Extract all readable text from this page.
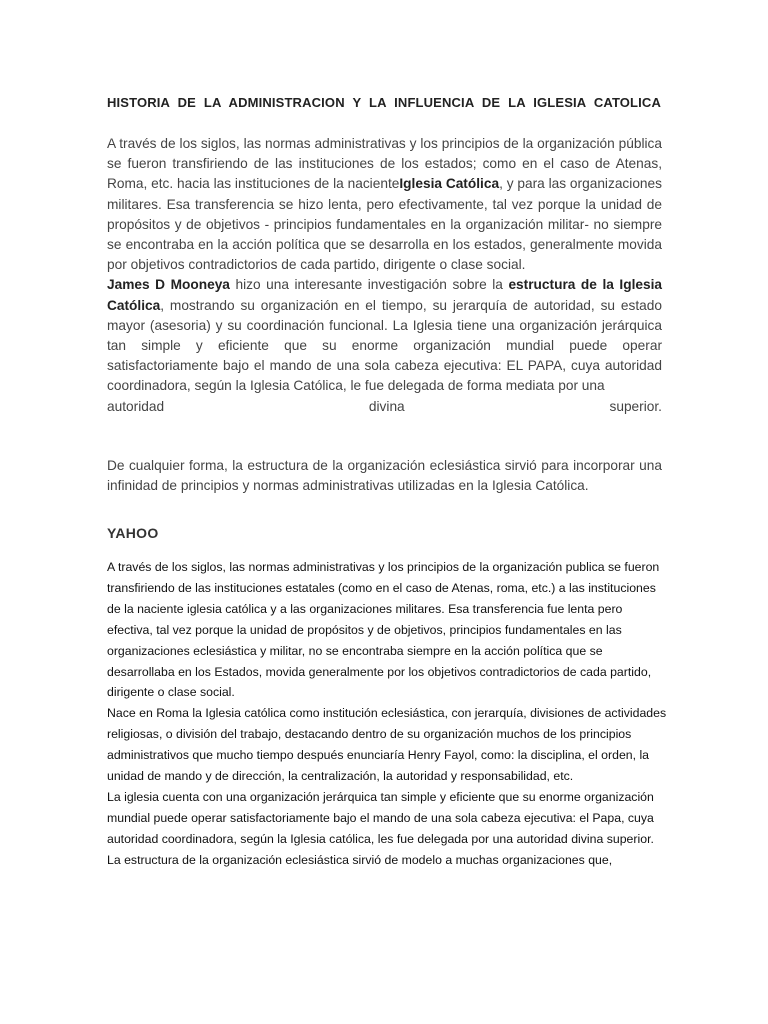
HISTORIA DE LA ADMINISTRACION Y LA INFLUENCIA DE LA IGLESIA CATOLICA

A través de los siglos, las normas administrativas y los principios de la organización pública se fueron transfiriendo de las instituciones de los estados; como en el caso de Atenas, Roma, etc. hacia las instituciones de la nacienteIglesia Católica, y para las organizaciones militares. Esa transferencia se hizo lenta, pero efectivamente, tal vez porque la unidad de propósitos y de objetivos - principios fundamentales en la organización militar- no siempre se encontraba en la acción política que se desarrolla en los estados, generalmente movida por objetivos contradictorios de cada partido, dirigente o clase social.
James D Mooneya hizo una interesante investigación sobre la estructura de la Iglesia Católica, mostrando su organización en el tiempo, su jerarquía de autoridad, su estado mayor (asesoria) y su coordinación funcional. La Iglesia tiene una organización jerárquica tan simple y eficiente que su enorme organización mundial puede operar satisfactoriamente bajo el mando de una sola cabeza ejecutiva: EL PAPA, cuya autoridad coordinadora, según la Iglesia Católica, le fue delegada de forma mediata por una
autoridad divina superior.

De cualquier forma, la estructura de la organización eclesiástica sirvió para incorporar una infinidad de principios y normas administrativas utilizadas en la Iglesia Católica.

YAHOO

A través de los siglos, las normas administrativas y los principios de la organización publica se fueron transfiriendo de las instituciones estatales (como en el caso de Atenas, roma, etc.) a las instituciones de la naciente iglesia católica y a las organizaciones militares. Esa transferencia fue lenta pero efectiva, tal vez porque la unidad de propósitos y de objetivos, principios fundamentales en las organizaciones eclesiástica y militar, no se encontraba siempre en la acción política que se desarrollaba en los Estados, movida generalmente por los objetivos contradictorios de cada partido, dirigente o clase social.
Nace en Roma la Iglesia católica como institución eclesiástica, con jerarquía, divisiones de actividades religiosas, o división del trabajo, destacando dentro de su organización muchos de los principios administrativos que mucho tiempo después enunciaría Henry Fayol, como: la disciplina, el orden, la unidad de mando y de dirección, la centralización, la autoridad y responsabilidad, etc.
La iglesia cuenta con una organización jerárquica tan simple y eficiente que su enorme organización mundial puede operar satisfactoriamente bajo el mando de una sola cabeza ejecutiva: el Papa, cuya autoridad coordinadora, según la Iglesia católica, les fue delegada por una autoridad divina superior.
La estructura de la organización eclesiástica sirvió de modelo a muchas organizaciones que,
